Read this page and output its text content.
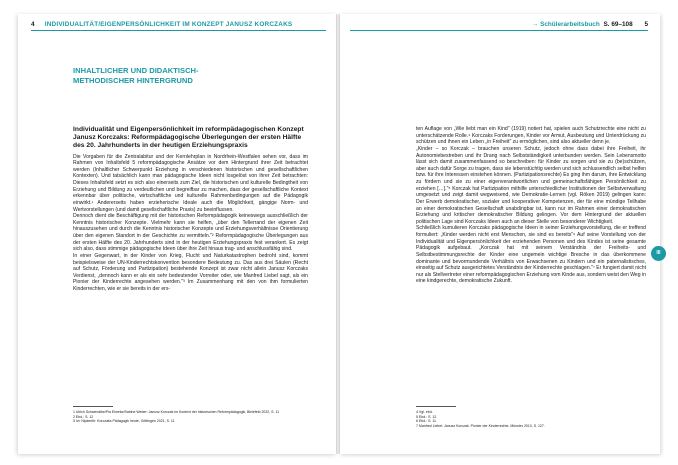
4 INDIVIDUALITÄT/EIGENPERSÖNLICHKEIT IM KONZEPT JANUSZ KORCZAKS
INHALTLICHER UND DIDAKTISCH-METHODISCHER HINTERGRUND

Individualität und Eigenpersönlichkeit im reformpädagogischen Konzept Janusz Korczaks: Reformpädagogische Überlegungen der ersten Hälfte des 20. Jahrhunderts in der heutigen Erziehungspraxis

Die Vorgaben für die Zentralabitur und der Kernlehrplan in Nordrhein-Westfalen sehen vor, dass im Rahmen von Inhaltsfeld 5 reformpädagogische Ansätze vor dem Hintergrund ihrer Zeit betrachtet werden (Inhaltlicher Schwerpunkt Erziehung in verschiedenen historischen und gesellschaftlichen Kontexten). Und tatsächlich kann man pädagogische Ideen nicht losgelöst von ihrer Zeit betrachten: Dieses Inhaltsfeld setzt es sich also einerseits zum Ziel, die historischen und kulturelle Bedingtheit von Erziehung und Bildung zu verdeutlichen und begreifbar zu machen, dass der gesellschaftliche Kontext erkennbar über politische, wirtschaftliche und kulturelle Rahmenbedingungen auf die Pädagogik einwirkt.¹ Andererseits haben erzieherische Ideale auch die Möglichkeit, gängige Norm- und Wertvorstellungen (und damit gesellschaftliche Praxis) zu beeinflussen.

Dennoch dient die Beschäftigung mit der historischen Reformpädagogik keineswegs ausschließlich der Kenntnis historischer Konzepte. Vielmehr kann sie helfen, „über den Tellerrand der eigenen Zeit hinauszusehen und durch die Kenntnis historischer Konzepte und Erziehungsverhältnisse Orientierung über den eigenen Standort in der Geschichte zu vermitteln."² Reformpädagogische Überlegungen aus der ersten Hälfte des 20. Jahrhunderts sind in der heutigen Erziehungspraxis fest verankert. Es zeigt sich also, dass stimmige pädagogische Ideen über ihre Zeit hinaus trag- und anschlussfähig sind.

In einer Gegenwart, in der Kinder von Krieg, Flucht und Naturkatastrophen bedroht sind, kommt beispielsweise der UN-Kinderrechtskonvention besondere Bedeutung zu. Das aus drei Säulen (Recht auf Schutz, Förderung und Partizipation) bestehende Konzept ist zwar nicht allein Janusz Korczaks Verdienst, „dennoch kann er als ein sehr bedeutender Vorreiter oder, wie Manfred Liebel sagt, als ein Pionier der Kinderrechte angesehen werden."³ Im Zusammenhang mit den von ihm formulierten Kinderrechten, wie er sie bereits in der ers-

1 Ulrich Schwendtke/Pia Eimeke/Sabine Weber: Janusz Korczak im Kontext der historischen Reformpädagogik, Bielefeld 2022, S. 11
2 Ebd.: S. 12
3 Ivi: Nipkenth: Korczaks Pädagogik heute, Göttingen 2021, S. 11
→ Schülerarbeitsbuch S. 69–108 5

ten Auflage von „Wie liebt man ein Kind" (1919) notiert hat, spielen auch Schutzrechte eine nicht zu unterschätzende Rolle.⁴ Korczaks Forderungen, Kinder vor Armut, Ausbeutung und Unterdrückung zu schützen und ihnen ein Leben „in Freiheit" zu ermöglichen, sind also aktueller denn je.

„Kinder – so Korczak – brauchen unseren Schutz, jedoch ohne dass dabei ihre Freiheit, ihr Autonomiebestreben und ihr Drang nach Selbstständigkeit unterbunden werden. Sein Lebensmotto lässt sich damit zusammenfassend so beschreiben: für Kinder zu sorgen und sie zu (be)schützen, aber auch dafür Sorge zu tragen, dass sie lebenstüchtig werden und sich schlussendlich selbst helfen bzw. für ihre Interessen einstehen können. (Partizipationsrechte) Es ging ihm darum, ihre Entwicklung zu fördern und sie zu einer eigenverantwortlichen und gemeinschaftsfähigen Persönlichkeit zu erziehen […]."⁵ Korczak hat Partizipation mithilfe unterschiedlicher Institutionen der Selbstverwaltung umgesetzt und zeigt damit wegweisend, wie Demokratie-Lernen (vgl. Röken 2019) gelingen kann: Der Erwerb demokratischer, sozialer und kooperativer Kompetenzen, der für eine mündige Teilhabe an einer demokratischen Gesellschaft unabdingbar ist, kann nur im Rahmen einer demokratischen Erziehung und kritischer demokratischer Bildung gelingen. Vor dem Hintergrund der aktuellen politischen Lage sind Korczaks Ideen auch an dieser Stelle von besonderer Wichtigkeit.

Schließlich kumulieren Korczaks pädagogische Ideen in seiner Erziehungsvorstellung, die er treffend formuliert: „Kinder werden nicht erst Menschen, sie sind es bereits"⁶ Auf seine Vorstellung von der Individualität und Eigenpersönlichkeit der erziehenden Personen und des Kindes ist seine gesamte Pädagogik aufgebaut. „Korczak hat mit seinem Verständnis der Freiheits- und Selbstbestimmungsrechte der Kinder eine ungemein wichtige Bresche in das überkommene dominante und bevormundende Verhältnis von Erwachsenen zu Kindern und ein paternalistisches, einseitig auf Schutz ausgerichtetes Verständnis der Kinderrechte geschlagen."⁷ Er fungiert damit nicht nur als Stellvertreter einer reformpädagogischen Erziehung vom Kinde aus, sondern weist den Weg in eine kindgerechte, demokratische Zukunft.

4 Vgl. ebd.
5 Ebd.: S. 12.
6 Ebd.: S. 11.
7 Manfred Liebel: Janusz Korczak. Pionier der Kinderrechte, Münster 2013, S. 127.
III
